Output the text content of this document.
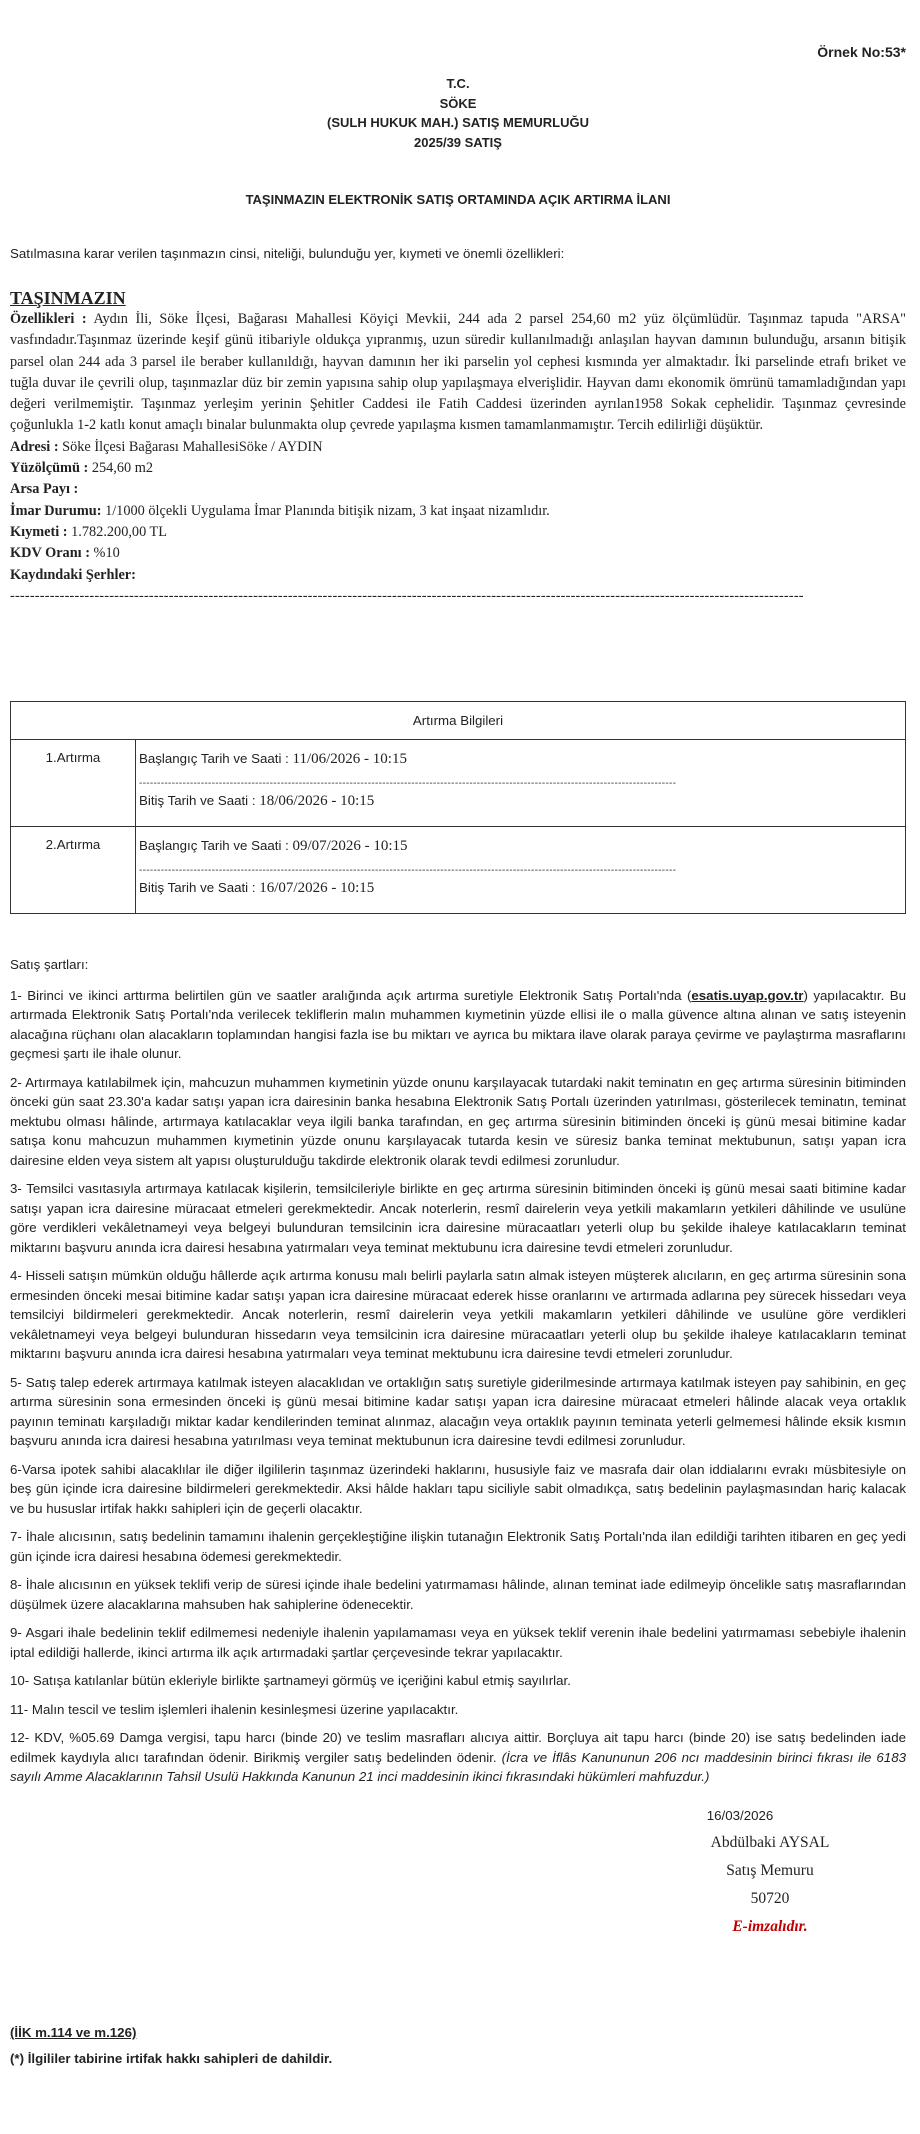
Örnek No:53*
T.C.
SÖKE
(SULH HUKUK MAH.) SATIŞ MEMURLUĞU
2025/39 SATIŞ
TAŞINMAZIN ELEKTRONİK SATIŞ ORTAMINDA AÇIK ARTIRMA İLANI
Satılmasına karar verilen taşınmazın cinsi, niteliği, bulunduğu yer, kıymeti ve önemli özellikleri:
TAŞINMAZIN
Özellikleri : Aydın İli, Söke İlçesi, Bağarası Mahallesi Köyiçi Mevkii, 244 ada 2 parsel 254,60 m2 yüz ölçümlüdür. Taşınmaz tapuda "ARSA" vasfındadır.Taşınmaz üzerinde keşif günü itibariyle oldukça yıpranmış, uzun süredir kullanılmadığı anlaşılan hayvan damının bulunduğu, arsanın bitişik parsel olan 244 ada 3 parsel ile beraber kullanıldığı, hayvan damının her iki parselin yol cephesi kısmında yer almaktadır. İki parselinde etrafı briket ve tuğla duvar ile çevrili olup, taşınmazlar düz bir zemin yapısına sahip olup yapılaşmaya elverişlidir. Hayvan damı ekonomik ömrünü tamamladığından yapı değeri verilmemiştir. Taşınmaz yerleşim yerinin Şehitler Caddesi ile Fatih Caddesi üzerinden ayrılan1958 Sokak cephelidir. Taşınmaz çevresinde çoğunlukla 1-2 katlı konut amaçlı binalar bulunmakta olup çevrede yapılaşma kısmen tamamlanmamıştır. Tercih edilirliği düşüktür.
Adresi : Söke İlçesi Bağarası MahallesiSöke / AYDIN
Yüzölçümü : 254,60 m2
Arsa Payı :
İmar Durumu: 1/1000 ölçekli Uygulama İmar Planında bitişik nizam, 3 kat inşaat nizamlıdır.
Kıymeti : 1.782.200,00 TL
KDV Oranı : %10
Kaydındaki Şerhler:
----------------------------------------------------------------------------------------------------------------------------------------------------------------
Artırma Bilgileri	
1.Artırma	Başlangıç Tarih ve Saati : 11/06/2026 - 10:15
----------------------------------------------------------------------------------------------------------------------------------------------------
Bitiş Tarih ve Saati : 18/06/2026 - 10:15

2.Artırma	Başlangıç Tarih ve Saati : 09/07/2026 - 10:15
----------------------------------------------------------------------------------------------------------------------------------------------------
Bitiş Tarih ve Saati : 16/07/2026 - 10:15

Satış şartları:

1- Birinci ve ikinci arttırma belirtilen gün ve saatler aralığında açık artırma suretiyle Elektronik Satış Portalı'nda (esatis.uyap.gov.tr) yapılacaktır. Bu artırmada Elektronik Satış Portalı'nda verilecek tekliflerin malın muhammen kıymetinin yüzde ellisi ile o malla güvence altına alınan ve satış isteyenin alacağına rüçhanı olan alacakların toplamından hangisi fazla ise bu miktarı ve ayrıca bu miktara ilave olarak paraya çevirme ve paylaştırma masraflarını geçmesi şartı ile ihale olunur.

2- Artırmaya katılabilmek için, mahcuzun muhammen kıymetinin yüzde onunu karşılayacak tutardaki nakit teminatın en geç artırma süresinin bitiminden önceki gün saat 23.30'a kadar satışı yapan icra dairesinin banka hesabına Elektronik Satış Portalı üzerinden yatırılması, gösterilecek teminatın, teminat mektubu olması hâlinde, artırmaya katılacaklar veya ilgili banka tarafından, en geç artırma süresinin bitiminden önceki iş günü mesai bitimine kadar satışa konu mahcuzun muhammen kıymetinin yüzde onunu karşılayacak tutarda kesin ve süresiz banka teminat mektubunun, satışı yapan icra dairesine elden veya sistem alt yapısı oluşturulduğu takdirde elektronik olarak tevdi edilmesi zorunludur.

3- Temsilci vasıtasıyla artırmaya katılacak kişilerin, temsilcileriyle birlikte en geç artırma süresinin bitiminden önceki iş günü mesai saati bitimine kadar satışı yapan icra dairesine müracaat etmeleri gerekmektedir. Ancak noterlerin, resmî dairelerin veya yetkili makamların yetkileri dâhilinde ve usulüne göre verdikleri vekâletnameyi veya belgeyi bulunduran temsilcinin icra dairesine müracaatları yeterli olup bu şekilde ihaleye katılacakların teminat miktarını başvuru anında icra dairesi hesabına yatırmaları veya teminat mektubunu icra dairesine tevdi etmeleri zorunludur.

4- Hisseli satışın mümkün olduğu hâllerde açık artırma konusu malı belirli paylarla satın almak isteyen müşterek alıcıların, en geç artırma süresinin sona ermesinden önceki mesai bitimine kadar satışı yapan icra dairesine müracaat ederek hisse oranlarını ve artırmada adlarına pey sürecek hissedarı veya temsilciyi bildirmeleri gerekmektedir. Ancak noterlerin, resmî dairelerin veya yetkili makamların yetkileri dâhilinde ve usulüne göre verdikleri vekâletnameyi veya belgeyi bulunduran hissedarın veya temsilcinin icra dairesine müracaatları yeterli olup bu şekilde ihaleye katılacakların teminat miktarını başvuru anında icra dairesi hesabına yatırmaları veya teminat mektubunu icra dairesine tevdi etmeleri zorunludur.

5- Satış talep ederek artırmaya katılmak isteyen alacaklıdan ve ortaklığın satış suretiyle giderilmesinde artırmaya katılmak isteyen pay sahibinin, en geç artırma süresinin sona ermesinden önceki iş günü mesai bitimine kadar satışı yapan icra dairesine müracaat etmeleri hâlinde alacak veya ortaklık payının teminatı karşıladığı miktar kadar kendilerinden teminat alınmaz, alacağın veya ortaklık payının teminata yeterli gelmemesi hâlinde eksik kısmın başvuru anında icra dairesi hesabına yatırılması veya teminat mektubunun icra dairesine tevdi edilmesi zorunludur.

6-Varsa ipotek sahibi alacaklılar ile diğer ilgililerin taşınmaz üzerindeki haklarını, hususiyle faiz ve masrafa dair olan iddialarını evrakı müsbitesiyle on beş gün içinde icra dairesine bildirmeleri gerekmektedir. Aksi hâlde hakları tapu siciliyle sabit olmadıkça, satış bedelinin paylaşmasından hariç kalacak ve bu hususlar irtifak hakkı sahipleri için de geçerli olacaktır.

7- İhale alıcısının, satış bedelinin tamamını ihalenin gerçekleştiğine ilişkin tutanağın Elektronik Satış Portalı'nda ilan edildiği tarihten itibaren en geç yedi gün içinde icra dairesi hesabına ödemesi gerekmektedir.

8- İhale alıcısının en yüksek teklifi verip de süresi içinde ihale bedelini yatırmaması hâlinde, alınan teminat iade edilmeyip öncelikle satış masraflarından düşülmek üzere alacaklarına mahsuben hak sahiplerine ödenecektir.

9- Asgari ihale bedelinin teklif edilmemesi nedeniyle ihalenin yapılamaması veya en yüksek teklif verenin ihale bedelini yatırmaması sebebiyle ihalenin iptal edildiği hallerde, ikinci artırma ilk açık artırmadaki şartlar çerçevesinde tekrar yapılacaktır.

10- Satışa katılanlar bütün ekleriyle birlikte şartnameyi görmüş ve içeriğini kabul etmiş sayılırlar.

11- Malın tescil ve teslim işlemleri ihalenin kesinleşmesi üzerine yapılacaktır.

12- KDV, %05.69 Damga vergisi, tapu harcı (binde 20) ve teslim masrafları alıcıya aittir. Borçluya ait tapu harcı (binde 20) ise satış bedelinden iade edilmek kaydıyla alıcı tarafından ödenir. Birikmiş vergiler satış bedelinden ödenir. (İcra ve İflâs Kanununun 206 ncı maddesinin birinci fıkrası ile 6183 sayılı Amme Alacaklarının Tahsil Usulü Hakkında Kanunun 21 inci maddesinin ikinci fıkrasındaki hükümleri mahfuzdur.)

16/03/2026
Abdülbaki AYSAL
Satış Memuru
50720
E-imzalıdır.
(İİK m.114 ve m.126)
(*) İlgililer tabirine irtifak hakkı sahipleri de dahildir.
